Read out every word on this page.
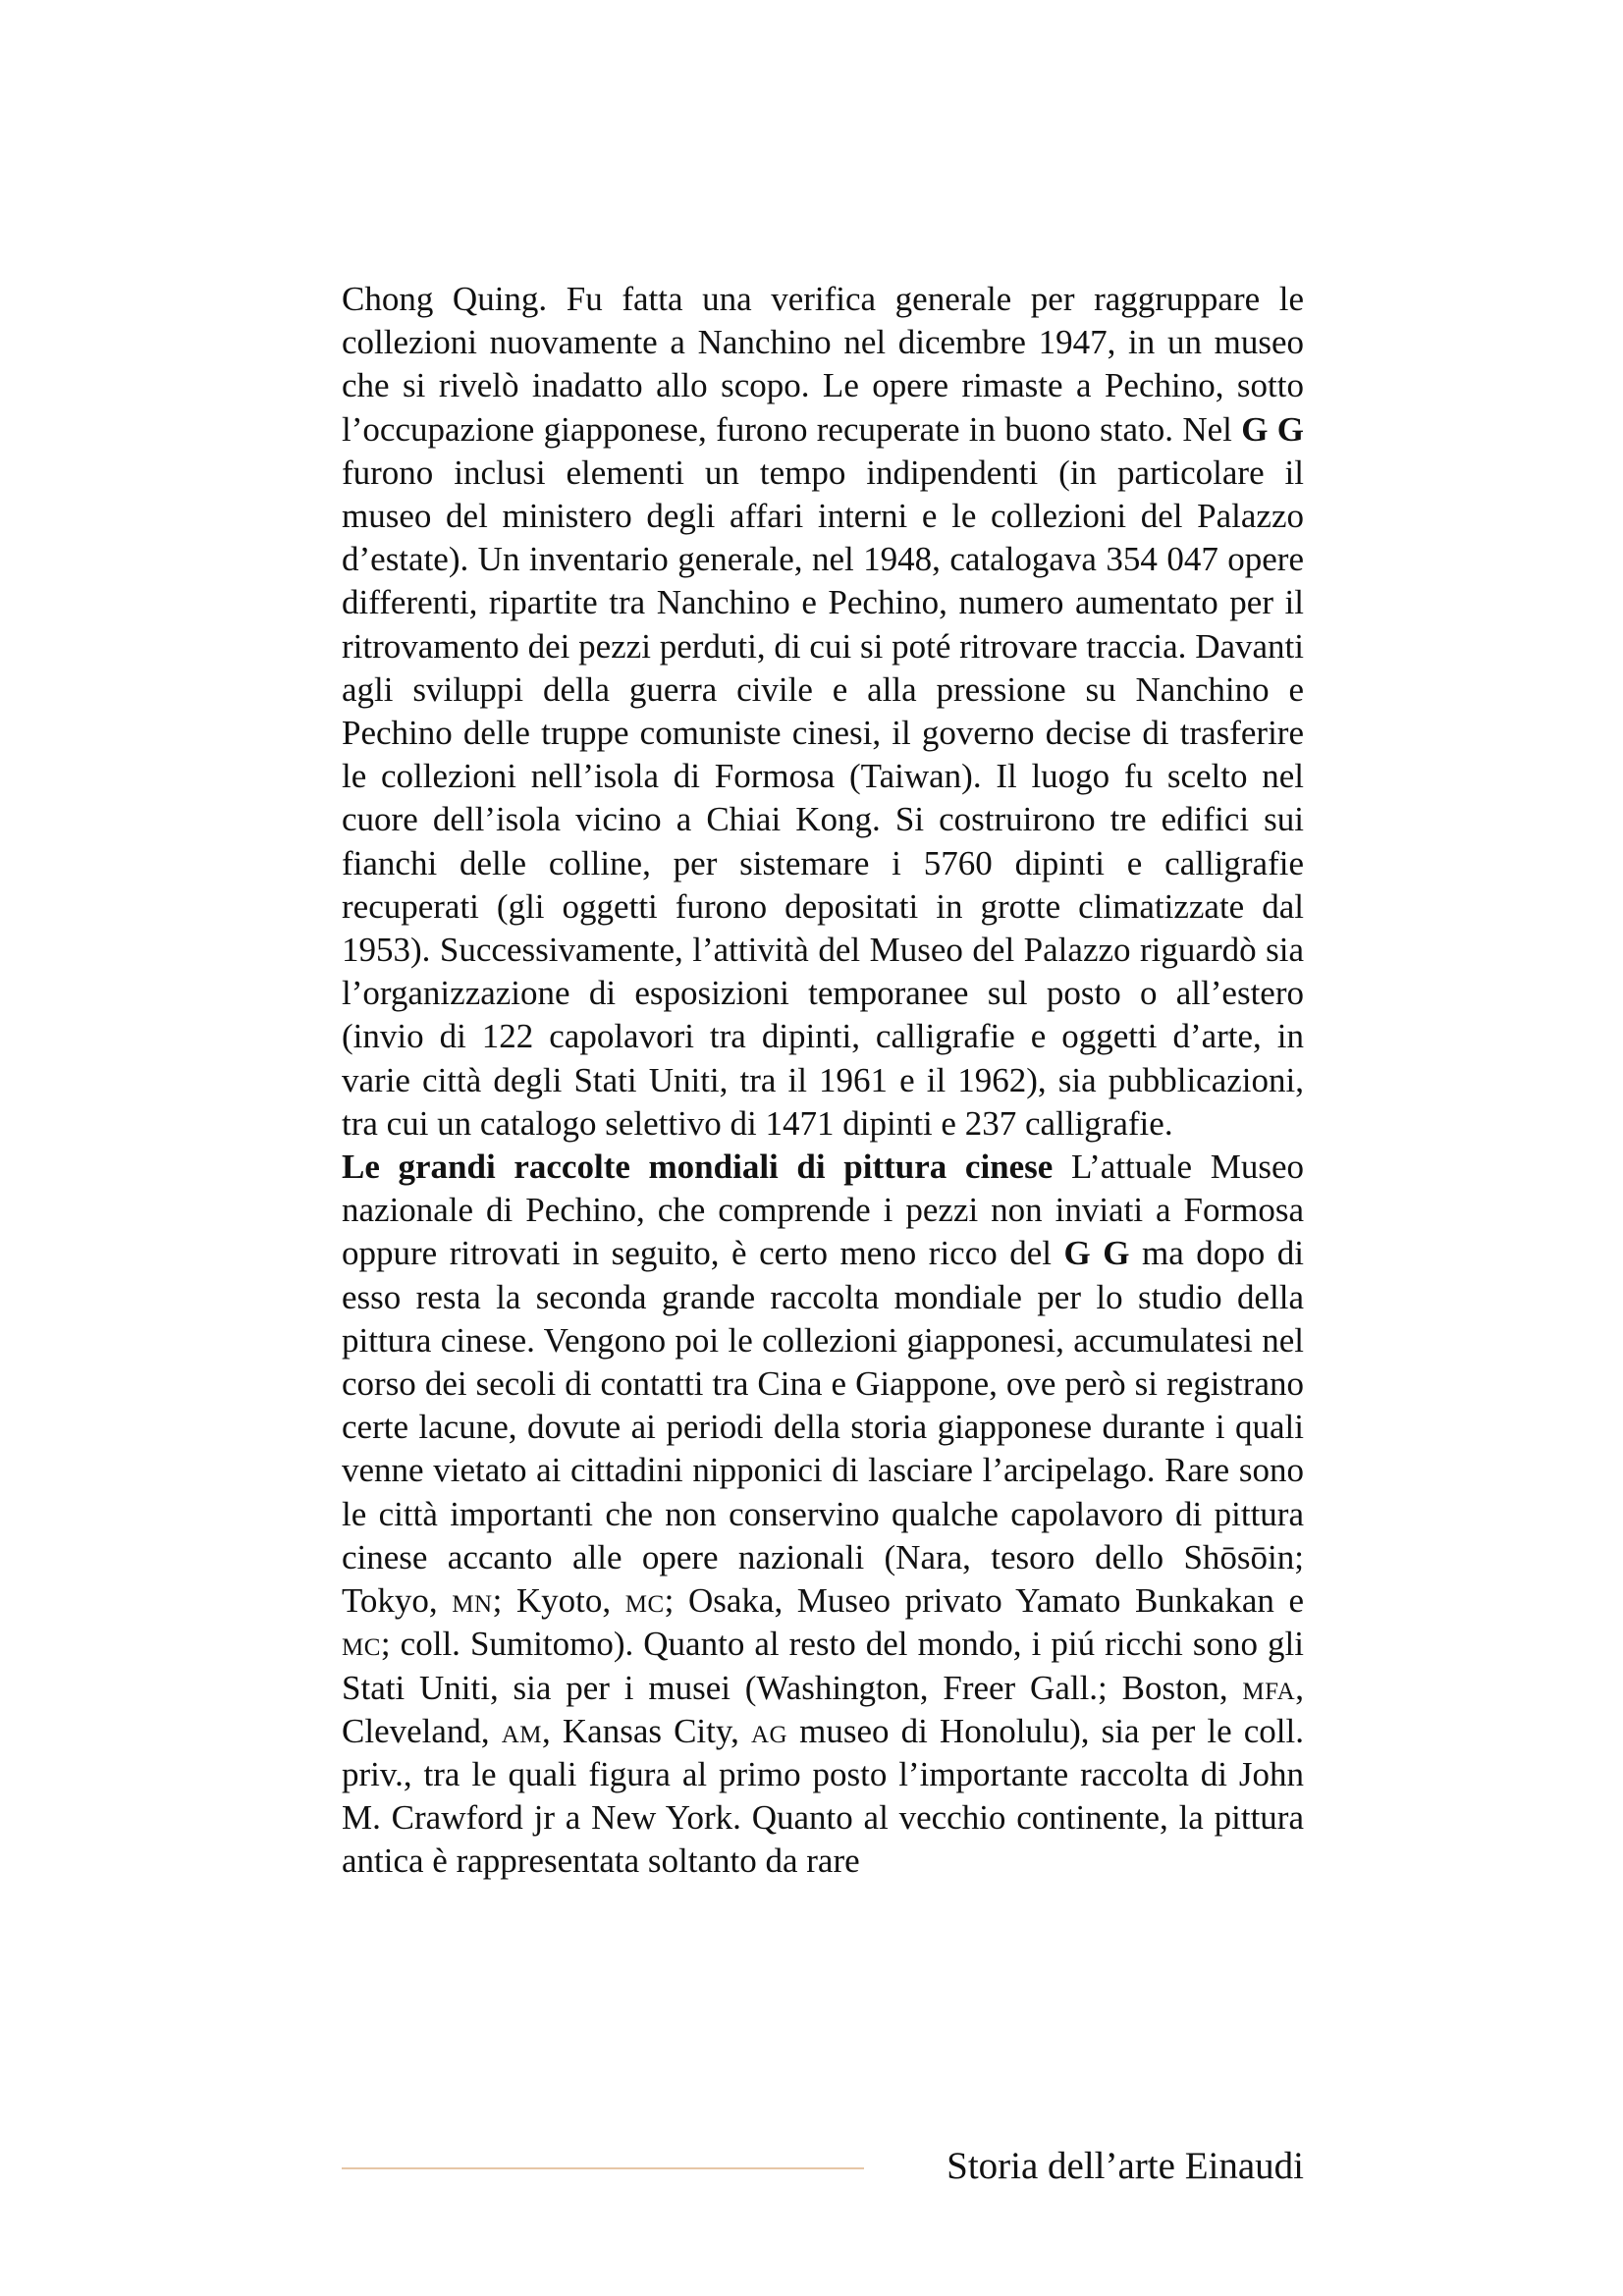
Chong Quing. Fu fatta una verifica generale per raggruppare le collezioni nuovamente a Nanchino nel dicembre 1947, in un museo che si rivelò inadatto allo scopo. Le opere rimaste a Pechino, sotto l’occupazione giapponese, furono recuperate in buono stato. Nel G G furono inclusi elementi un tempo indipendenti (in particolare il museo del ministero degli affari interni e le collezioni del Palazzo d’estate). Un inventario generale, nel 1948, catalogava 354 047 opere differenti, ripartite tra Nanchino e Pechino, numero aumentato per il ritrovamento dei pezzi perduti, di cui si poté ritrovare traccia. Davanti agli sviluppi della guerra civile e alla pressione su Nanchino e Pechino delle truppe comuniste cinesi, il governo decise di trasferire le collezioni nell’isola di Formosa (Taiwan). Il luogo fu scelto nel cuore dell’isola vicino a Chiai Kong. Si costruirono tre edifici sui fianchi delle colline, per sistemare i 5760 dipinti e calligrafie recuperati (gli oggetti furono depositati in grotte climatizzate dal 1953). Successivamente, l’attività del Museo del Palazzo riguardò sia l’organizzazione di esposizioni temporanee sul posto o all’estero (invio di 122 capolavori tra dipinti, calligrafie e oggetti d’arte, in varie città degli Stati Uniti, tra il 1961 e il 1962), sia pubblicazioni, tra cui un catalogo selettivo di 1471 dipinti e 237 calligrafie.

Le grandi raccolte mondiali di pittura cinese L’attuale Museo nazionale di Pechino, che comprende i pezzi non inviati a Formosa oppure ritrovati in seguito, è certo meno ricco del G G ma dopo di esso resta la seconda grande raccolta mondiale per lo studio della pittura cinese. Vengono poi le collezioni giapponesi, accumulatesi nel corso dei secoli di contatti tra Cina e Giappone, ove però si registrano certe lacune, dovute ai periodi della storia giapponese durante i quali venne vietato ai cittadini nipponici di lasciare l’arcipelago. Rare sono le città importanti che non conservino qualche capolavoro di pittura cinese accanto alle opere nazionali (Nara, tesoro dello Shōsōin; Tokyo, mn; Kyoto, mc; Osaka, Museo privato Yamato Bunkakan e mc; coll. Sumitomo). Quanto al resto del mondo, i piú ricchi sono gli Stati Uniti, sia per i musei (Washington, Freer Gall.; Boston, mfa, Cleveland, am, Kansas City, ag museo di Honolulu), sia per le coll. priv., tra le quali figura al primo posto l’importante raccolta di John M. Crawford jr a New York. Quanto al vecchio continente, la pittura antica è rappresentata soltanto da rare

Storia dell’arte Einaudi
